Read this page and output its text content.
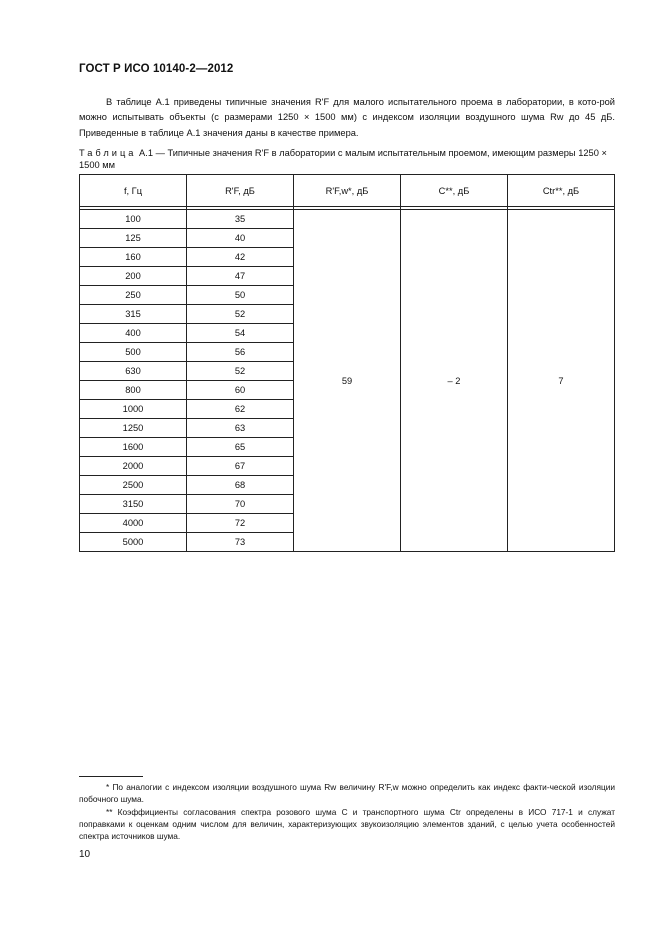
ГОСТ Р ИСО 10140-2—2012

В таблице А.1 приведены типичные значения R'F для малого испытательного проема в лаборатории, в кото-рой можно испытывать объекты (с размерами 1250 × 1500 мм) с индексом изоляции воздушного шума Rw до 45 дБ. Приведенные в таблице А.1 значения даны в качестве примера.

Таблица А.1 — Типичные значения R'F в лаборатории с малым испытательным проемом, имеющим размеры 1250 × 1500 мм

f, Гц	R'F, дБ	R'F,w*, дБ	C**, дБ	Ctr**, дБ

100	35	59	– 2	7
125	40			
160	42			
200	47			
250	50			
315	52			
400	54			
500	56			
630	52			
800	60			
1000	62			
1250	63			
1600	65			
2000	67			
2500	68			
3150	70			
4000	72			
5000	73			

* По аналогии с индексом изоляции воздушного шума Rw величину R'F,w можно определить как индекс факти-ческой изоляции побочного шума.

** Коэффициенты согласования спектра розового шума C и транспортного шума Ctr определены в ИСО 717-1 и служат поправками к оценкам одним числом для величин, характеризующих звукоизоляцию элементов зданий, с целью учета особенностей спектра источников шума.

10
